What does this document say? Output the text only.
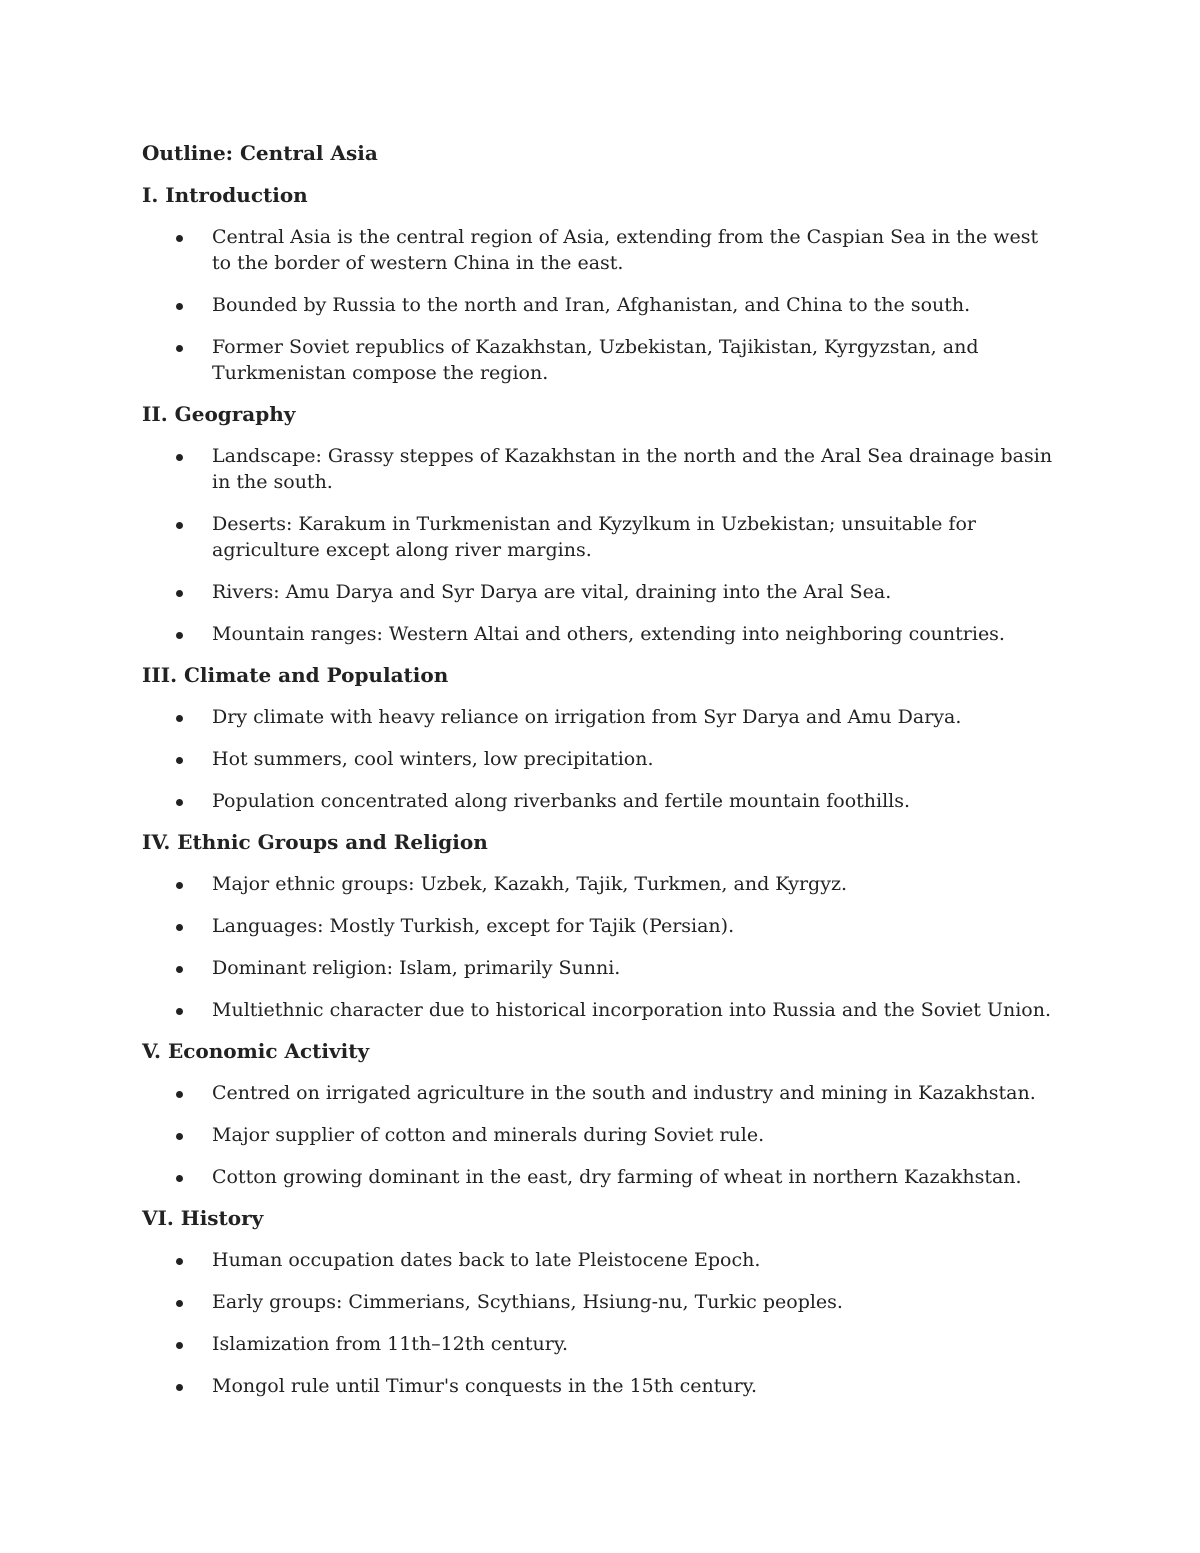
Outline: Central Asia
I. Introduction
Central Asia is the central region of Asia, extending from the Caspian Sea in the west to the border of western China in the east.
Bounded by Russia to the north and Iran, Afghanistan, and China to the south.
Former Soviet republics of Kazakhstan, Uzbekistan, Tajikistan, Kyrgyzstan, and Turkmenistan compose the region.
II. Geography
Landscape: Grassy steppes of Kazakhstan in the north and the Aral Sea drainage basin in the south.
Deserts: Karakum in Turkmenistan and Kyzylkum in Uzbekistan; unsuitable for agriculture except along river margins.
Rivers: Amu Darya and Syr Darya are vital, draining into the Aral Sea.
Mountain ranges: Western Altai and others, extending into neighboring countries.
III. Climate and Population
Dry climate with heavy reliance on irrigation from Syr Darya and Amu Darya.
Hot summers, cool winters, low precipitation.
Population concentrated along riverbanks and fertile mountain foothills.
IV. Ethnic Groups and Religion
Major ethnic groups: Uzbek, Kazakh, Tajik, Turkmen, and Kyrgyz.
Languages: Mostly Turkish, except for Tajik (Persian).
Dominant religion: Islam, primarily Sunni.
Multiethnic character due to historical incorporation into Russia and the Soviet Union.
V. Economic Activity
Centred on irrigated agriculture in the south and industry and mining in Kazakhstan.
Major supplier of cotton and minerals during Soviet rule.
Cotton growing dominant in the east, dry farming of wheat in northern Kazakhstan.
VI. History
Human occupation dates back to late Pleistocene Epoch.
Early groups: Cimmerians, Scythians, Hsiung-nu, Turkic peoples.
Islamization from 11th–12th century.
Mongol rule until Timur's conquests in the 15th century.
